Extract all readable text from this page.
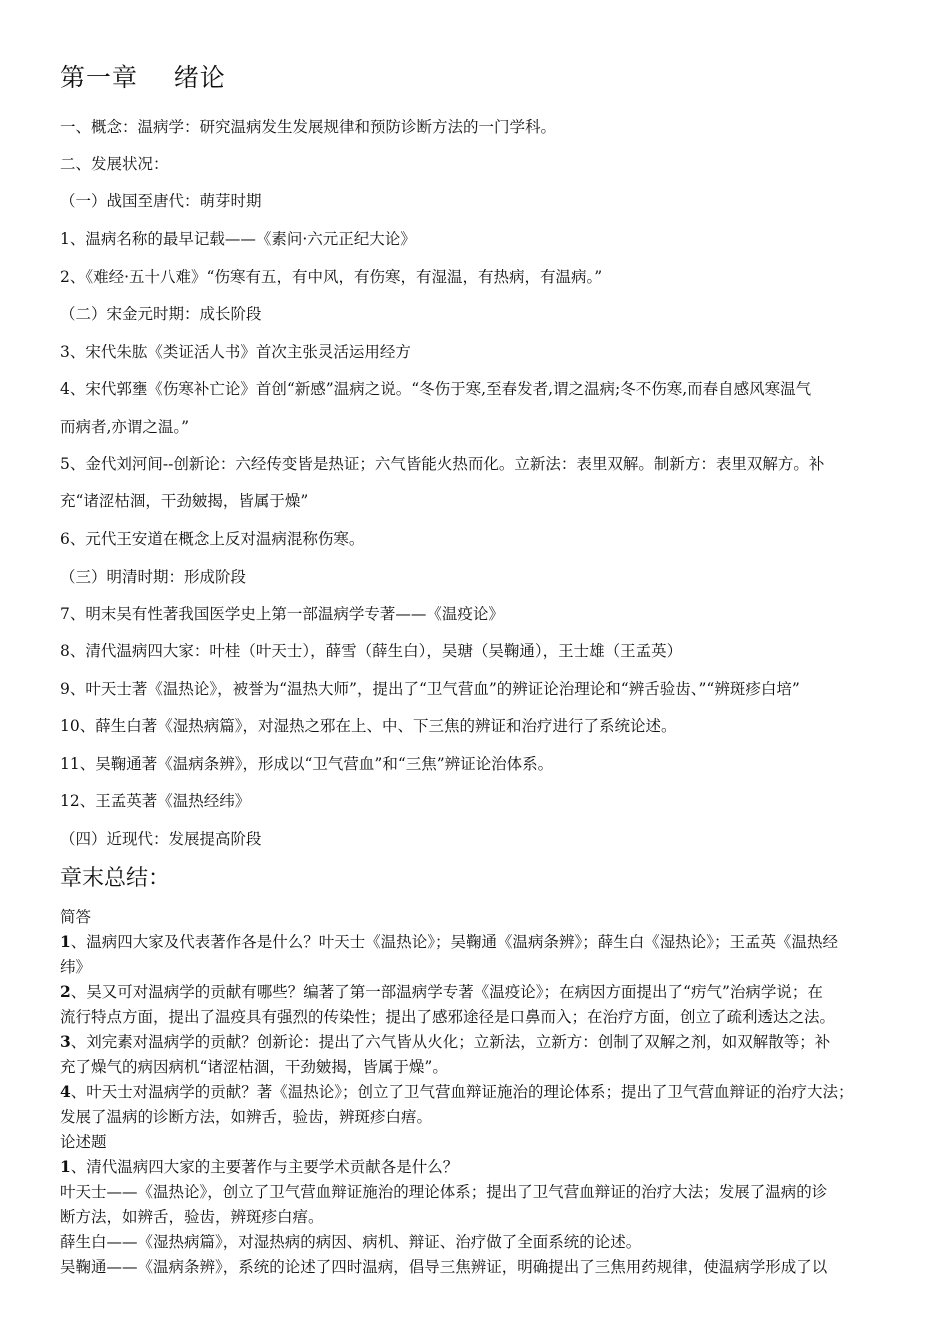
第一章    绪论
一、概念：温病学：研究温病发生发展规律和预防诊断方法的一门学科。
二、发展状况：
（一）战国至唐代：萌芽时期
1、温病名称的最早记载——《素问·六元正纪大论》
2、《难经·五十八难》“伤寒有五，有中风，有伤寒，有湿温，有热病，有温病。”
（二）宋金元时期：成长阶段
3、宋代朱肱《类证活人书》首次主张灵活运用经方
4、宋代郭壅《伤寒补亡论》首创“新感”温病之说。“冬伤于寒,至春发者,谓之温病;冬不伤寒,而春自感风寒温气
而病者,亦谓之温。”
5、金代刘河间--创新论：六经传变皆是热证；六气皆能火热而化。立新法：表里双解。制新方：表里双解方。补
充“诸涩枯涸，干劲皴揭，皆属于燥”
6、元代王安道在概念上反对温病混称伤寒。
（三）明清时期：形成阶段
7、明末吴有性著我国医学史上第一部温病学专著——《温疫论》
8、清代温病四大家：叶桂（叶天士），薛雪（薛生白），吴瑭（吴鞠通），王士雄（王孟英）
9、叶天士著《温热论》，被誉为“温热大师”，提出了“卫气营血”的辨证论治理论和“辨舌验齿、”“辨斑疹白培”
10、薛生白著《湿热病篇》，对湿热之邪在上、中、下三焦的辨证和治疗进行了系统论述。
11、吴鞠通著《温病条辨》，形成以“卫气营血”和“三焦”辨证论治体系。
12、王孟英著《温热经纬》
（四）近现代：发展提高阶段
章末总结：
简答
1、温病四大家及代表著作各是什么？叶天士《温热论》；吴鞠通《温病条辨》；薛生白《湿热论》；王孟英《温热经
纬》
2、吴又可对温病学的贡献有哪些？编著了第一部温病学专著《温疫论》；在病因方面提出了“疠气”治病学说；在
流行特点方面，提出了温疫具有强烈的传染性；提出了感邪途径是口鼻而入；在治疗方面，创立了疏利透达之法。
3、刘完素对温病学的贡献？创新论：提出了六气皆从火化；立新法，立新方：创制了双解之剂，如双解散等；补
充了燥气的病因病机“诸涩枯涸，干劲皴揭，皆属于燥”。
4、叶天士对温病学的贡献？著《温热论》；创立了卫气营血辩证施治的理论体系；提出了卫气营血辩证的治疗大法；
发展了温病的诊断方法，如辨舌，验齿，辨斑疹白痦。
论述题
1、清代温病四大家的主要著作与主要学术贡献各是什么？
叶天士——《温热论》，创立了卫气营血辩证施治的理论体系；提出了卫气营血辩证的治疗大法；发展了温病的诊
断方法，如辨舌，验齿，辨斑疹白痦。
薛生白——《湿热病篇》，对湿热病的病因、病机、辩证、治疗做了全面系统的论述。
吴鞠通——《温病条辨》，系统的论述了四时温病，倡导三焦辨证，明确提出了三焦用药规律，使温病学形成了以
